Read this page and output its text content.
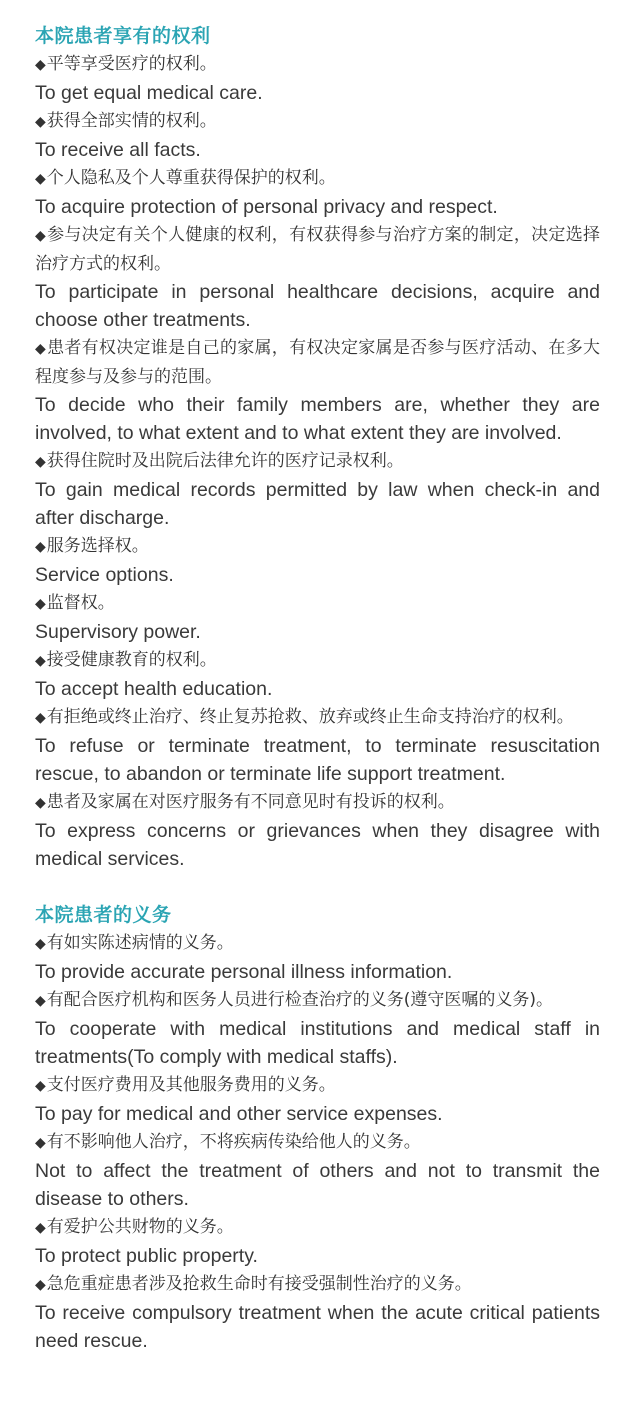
本院患者享有的权利

◆平等享受医疗的权利。

To get equal medical care.

◆获得全部实情的权利。

To receive all facts.

◆个人隐私及个人尊重获得保护的权利。

To acquire protection of personal privacy and respect.

◆参与决定有关个人健康的权利，有权获得参与治疗方案的制定，决定选择治疗方式的权利。

To participate in personal healthcare decisions, acquire and choose other treatments.

◆患者有权决定谁是自己的家属，有权决定家属是否参与医疗活动、在多大程度参与及参与的范围。

To decide who their family members are, whether they are involved, to what extent and to what extent they are involved.

◆获得住院时及出院后法律允许的医疗记录权利。

To gain medical records permitted by law when check-in and after discharge.

◆服务选择权。

Service options.

◆监督权。

Supervisory power.

◆接受健康教育的权利。

To accept health education.

◆有拒绝或终止治疗、终止复苏抢救、放弃或终止生命支持治疗的权利。

To refuse or terminate treatment, to terminate resuscitation rescue, to abandon or terminate life support treatment.

◆患者及家属在对医疗服务有不同意见时有投诉的权利。

To express concerns or grievances when they disagree with medical services.

本院患者的义务

◆有如实陈述病情的义务。

To provide accurate personal illness information.

◆有配合医疗机构和医务人员进行检查治疗的义务(遵守医嘱的义务)。

To cooperate with medical institutions and medical staff in treatments(To comply with medical staffs).

◆支付医疗费用及其他服务费用的义务。

To pay for medical and other service expenses.

◆有不影响他人治疗，不将疾病传染给他人的义务。

Not to affect the treatment of others and not to transmit the disease to others.

◆有爱护公共财物的义务。

To protect public property.

◆急危重症患者涉及抢救生命时有接受强制性治疗的义务。

To receive compulsory treatment when the acute critical patients need rescue.
